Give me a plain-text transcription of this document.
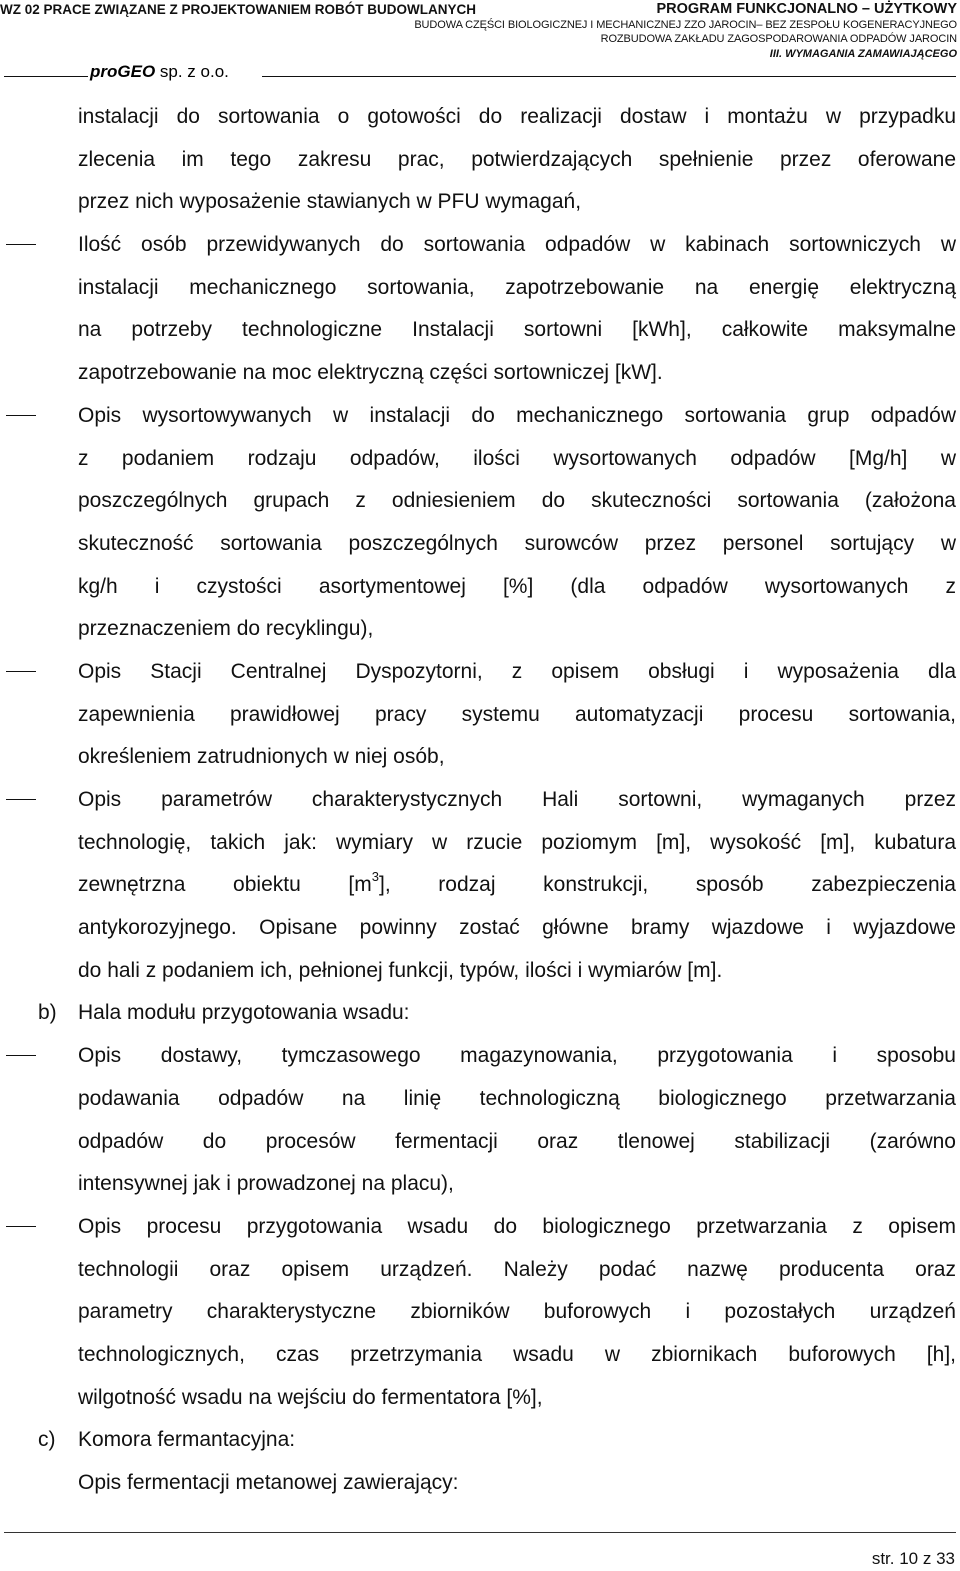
WZ 02 PRACE ZWIĄZANE Z PROJEKTOWANIEM ROBÓT BUDOWLANYCH	PROGRAM FUNKCJONALNO – UŻYTKOWY
BUDOWA CZĘŚCI BIOLOGICZNEJ I MECHANICZNEJ ZZO JAROCIN– BEZ ZESPOŁU KOGENERACYJNEGO
ROZBUDOWA ZAKŁADU ZAGOSPODAROWANIA ODPADÓW JAROCIN
III. WYMAGANIA ZAMAWIAJĄCEGO
proGEO sp. z o.o.
instalacji do sortowania o gotowości do realizacji dostaw i montażu w przypadku
zlecenia im tego zakresu prac, potwierdzających spełnienie przez oferowane
przez nich wyposażenie stawianych w PFU wymagań,
Ilość osób przewidywanych do sortowania odpadów w kabinach sortowniczych w
instalacji mechanicznego sortowania, zapotrzebowanie na energię elektryczną
na potrzeby technologiczne Instalacji sortowni [kWh], całkowite maksymalne
zapotrzebowanie na moc elektryczną części sortowniczej [kW].
Opis wysortowywanych w instalacji do mechanicznego sortowania grup odpadów
z podaniem rodzaju odpadów, ilości wysortowanych odpadów [Mg/h] w
poszczególnych grupach z odniesieniem do skuteczności sortowania (założona
skuteczność sortowania poszczególnych surowców przez personel sortujący w
kg/h i czystości asortymentowej [%] (dla odpadów wysortowanych z
przeznaczeniem do recyklingu),
Opis Stacji Centralnej Dyspozytorni, z opisem obsługi i wyposażenia dla
zapewnienia prawidłowej pracy systemu automatyzacji procesu sortowania,
określeniem zatrudnionych w niej osób,
Opis parametrów charakterystycznych Hali sortowni, wymaganych przez
technologię, takich jak: wymiary w rzucie poziomym [m], wysokość [m], kubatura
zewnętrzna obiektu $[m^3]$, rodzaj konstrukcji, sposób zabezpieczenia
antykorozyjnego. Opisane powinny zostać główne bramy wjazdowe i wyjazdowe
do hali z podaniem ich, pełnionej funkcji, typów, ilości i wymiarów [m].
b) Hala modułu przygotowania wsadu:
Opis dostawy, tymczasowego magazynowania, przygotowania i sposobu
podawania odpadów na linię technologiczną biologicznego przetwarzania
odpadów do procesów fermentacji oraz tlenowej stabilizacji (zarówno
intensywnej jak i prowadzonej na placu),
Opis procesu przygotowania wsadu do biologicznego przetwarzania z opisem
technologii oraz opisem urządzeń. Należy podać nazwę producenta oraz
parametry charakterystyczne zbiorników buforowych i pozostałych urządzeń
technologicznych, czas przetrzymania wsadu w zbiornikach buforowych [h],
wilgotność wsadu na wejściu do fermentatora [%],
c) Komora fermantacyjna:
Opis fermentacji metanowej zawierający:
str. 10 z 33
